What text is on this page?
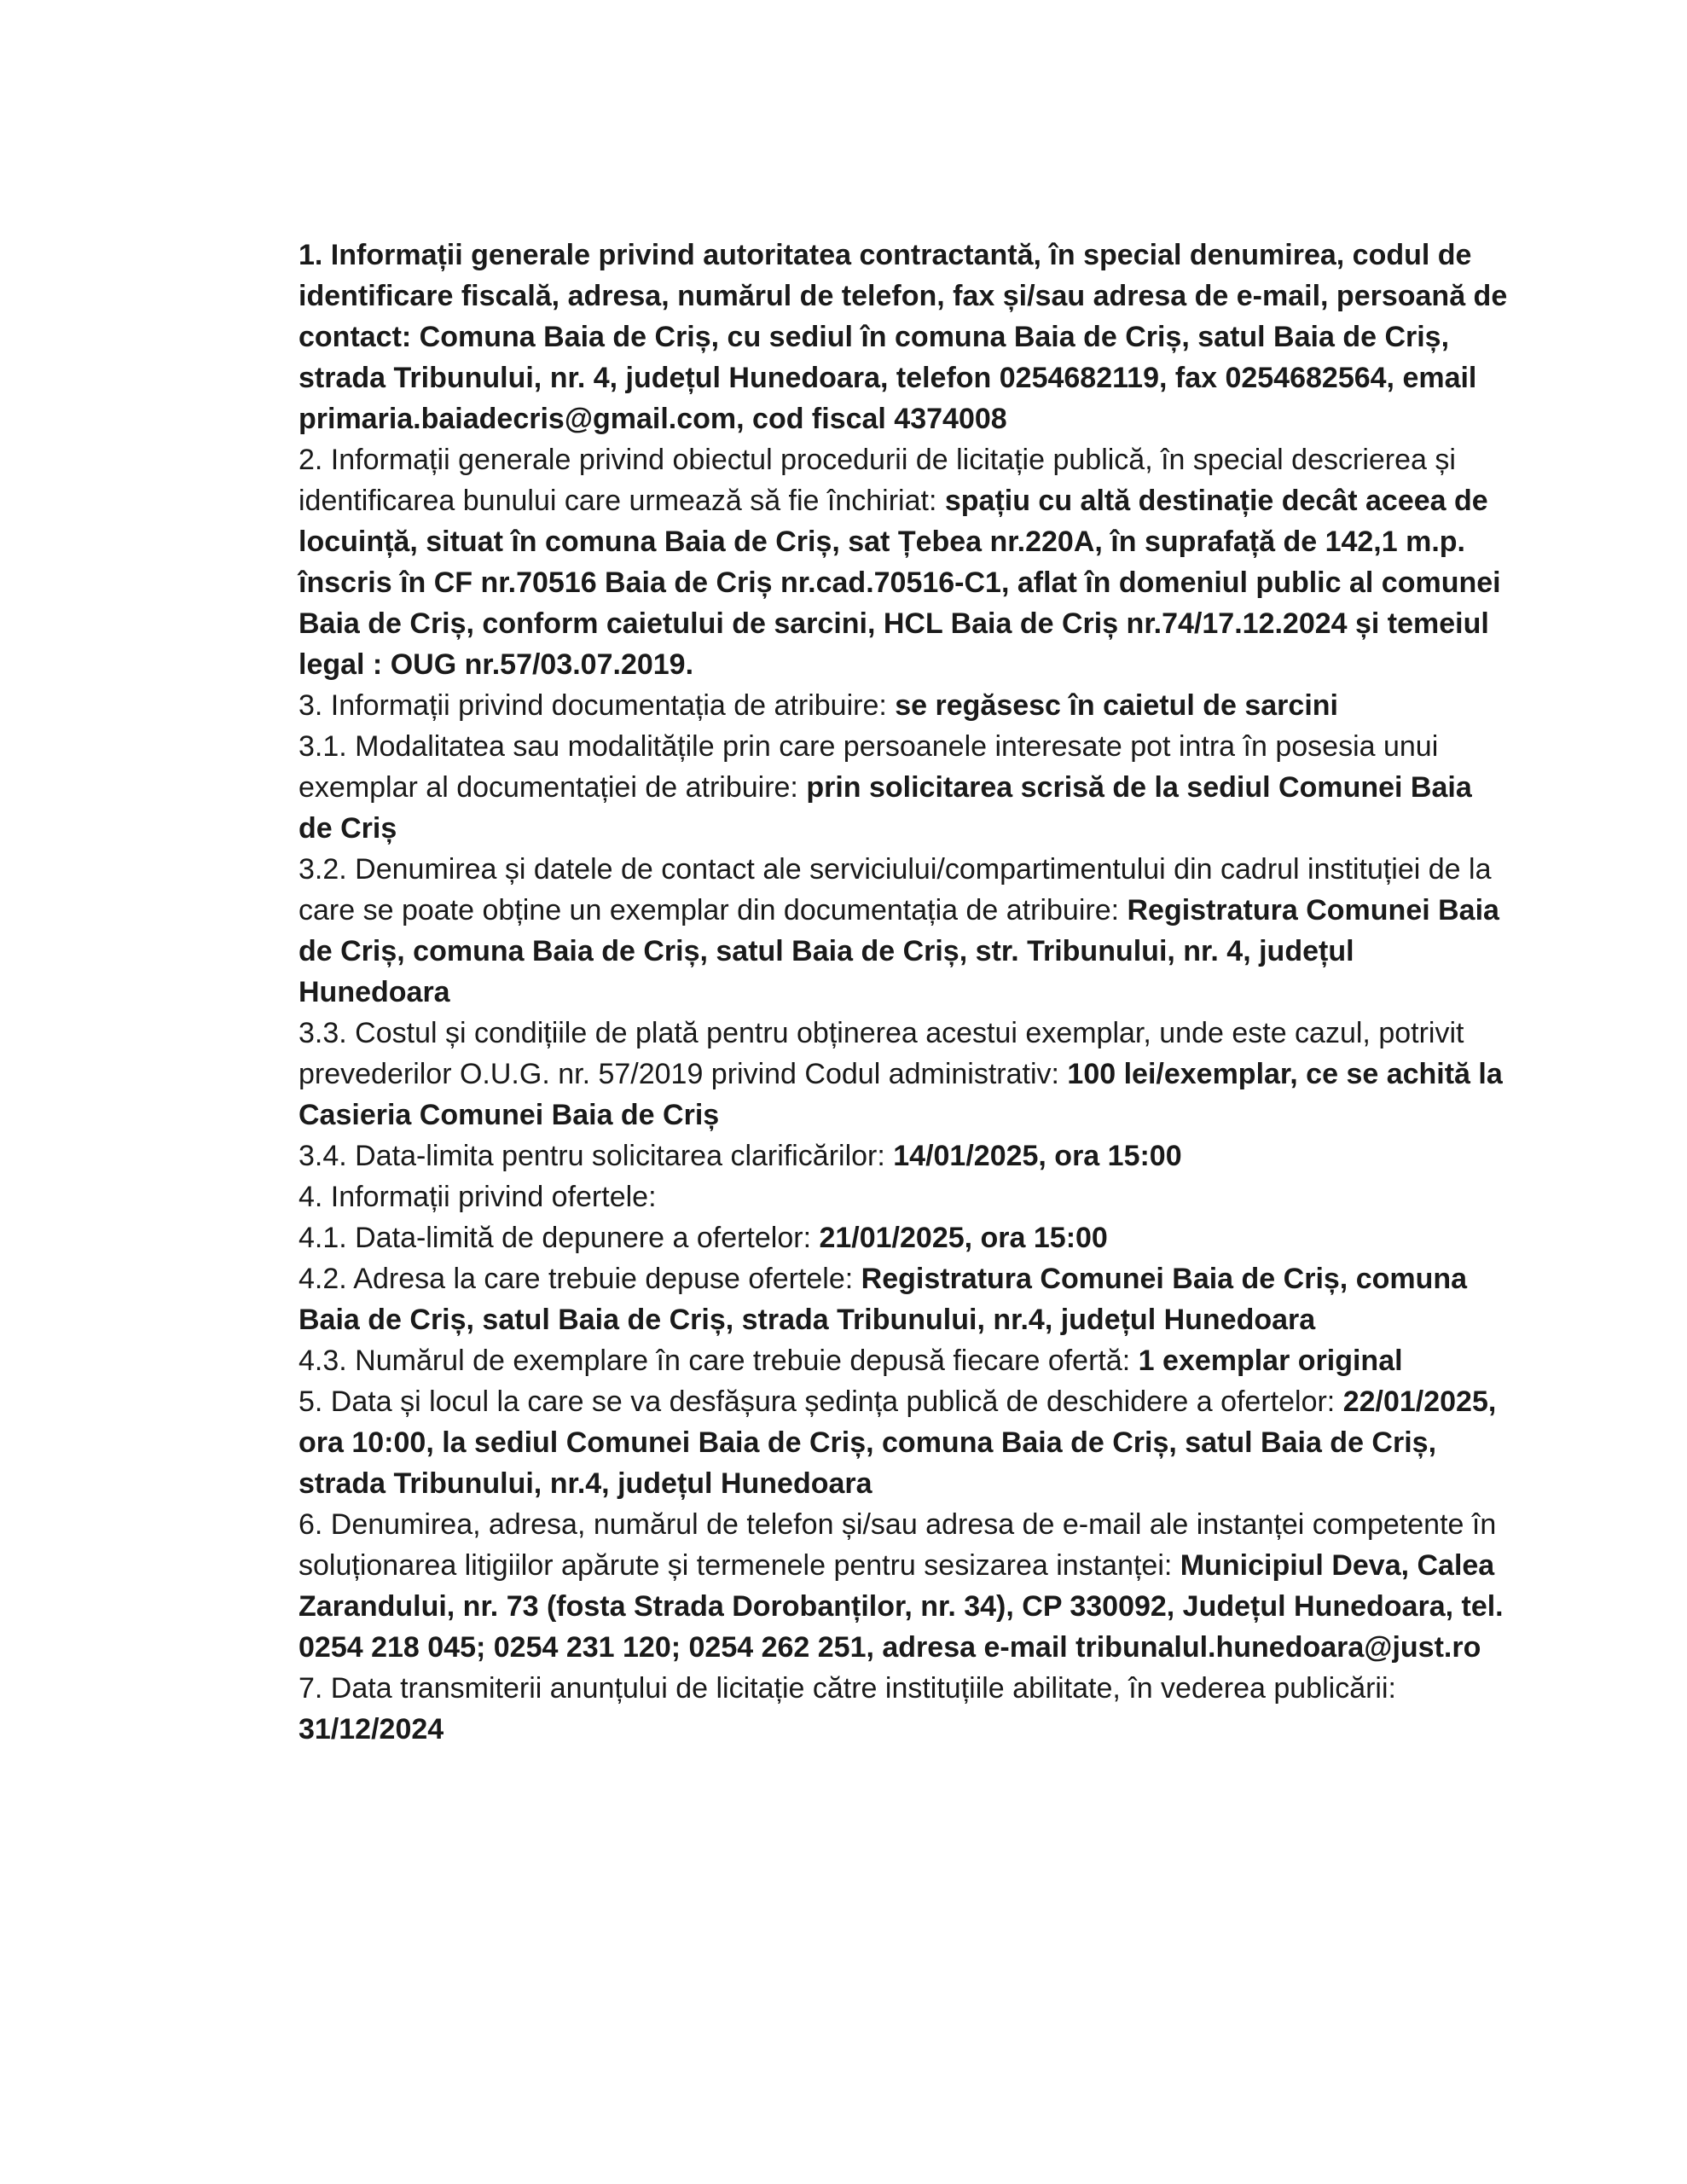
1. Informații generale privind autoritatea contractantă, în special denumirea, codul de identificare fiscală, adresa, numărul de telefon, fax și/sau adresa de e-mail, persoană de contact: Comuna Baia de Criș, cu sediul în comuna Baia de Criș, satul Baia de Criș, strada Tribunului, nr. 4, județul Hunedoara, telefon 0254682119, fax 0254682564, email primaria.baiadecris@gmail.com, cod fiscal 4374008

2. Informații generale privind obiectul procedurii de licitație publică, în special descrierea și identificarea bunului care urmează să fie închiriat: spațiu cu altă destinație decât aceea de locuință, situat în comuna Baia de Criș, sat Țebea nr.220A, în suprafață de 142,1 m.p. înscris în CF nr.70516 Baia de Criș nr.cad.70516-C1, aflat în domeniul public al comunei Baia de Criș, conform caietului de sarcini, HCL Baia de Criș nr.74/17.12.2024 și temeiul legal : OUG nr.57/03.07.2019.

3. Informații privind documentația de atribuire: se regăsesc în caietul de sarcini

3.1. Modalitatea sau modalitățile prin care persoanele interesate pot intra în posesia unui exemplar al documentației de atribuire: prin solicitarea scrisă de la sediul Comunei Baia de Criș

3.2. Denumirea și datele de contact ale serviciului/compartimentului din cadrul instituției de la care se poate obține un exemplar din documentația de atribuire: Registratura Comunei Baia de Criș, comuna Baia de Criș, satul Baia de Criș, str. Tribunului, nr. 4, județul Hunedoara

3.3. Costul și condițiile de plată pentru obținerea acestui exemplar, unde este cazul, potrivit prevederilor O.U.G. nr. 57/2019 privind Codul administrativ: 100 lei/exemplar, ce se achită la Casieria Comunei Baia de Criș

3.4. Data-limita pentru solicitarea clarificărilor: 14/01/2025, ora 15:00

4. Informații privind ofertele:

4.1. Data-limită de depunere a ofertelor: 21/01/2025, ora 15:00

4.2. Adresa la care trebuie depuse ofertele: Registratura Comunei Baia de Criș, comuna Baia de Criș, satul Baia de Criș, strada Tribunului, nr.4, județul Hunedoara

4.3. Numărul de exemplare în care trebuie depusă fiecare ofertă: 1 exemplar original

5. Data și locul la care se va desfășura ședința publică de deschidere a ofertelor: 22/01/2025, ora 10:00, la sediul Comunei Baia de Criș, comuna Baia de Criș, satul Baia de Criș, strada Tribunului, nr.4, județul Hunedoara

6. Denumirea, adresa, numărul de telefon și/sau adresa de e-mail ale instanței competente în soluționarea litigiilor apărute și termenele pentru sesizarea instanței: Municipiul Deva, Calea Zarandului, nr. 73 (fosta Strada Dorobanților, nr. 34), CP 330092, Județul Hunedoara, tel. 0254 218 045; 0254 231 120; 0254 262 251, adresa e-mail tribunalul.hunedoara@just.ro

7. Data transmiterii anunțului de licitație către instituțiile abilitate, în vederea publicării: 31/12/2024
